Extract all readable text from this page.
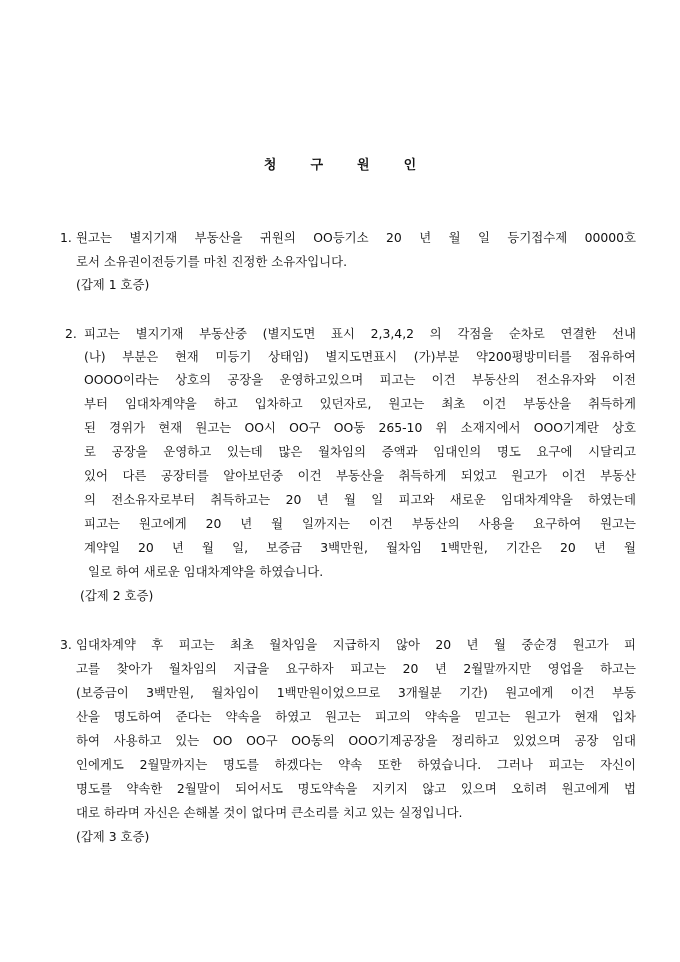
청	구	원	인
1. 원고는 별지기재 부동산을 귀원의 OO등기소 20 년 월 일 등기접수제 00000호
로서 소유권이전등기를 마친 진정한 소유자입니다.
(갑제 1 호증)
2. 피고는 별지기재 부동산중 (별지도면 표시 2,3,4,2 의 각점을 순차로 연결한 선내
(나) 부분은 현재 미등기 상태임) 별지도면표시 (가)부분 약200평방미터를 점유하여
OOOO이라는 상호의 공장을 운영하고있으며 피고는 이건 부동산의 전소유자와 이전
부터 임대차계약을 하고 입차하고 있던자로, 원고는 최초 이건 부동산을 취득하게
된 경위가 현재 원고는 OO시 OO구 OO동 265-10 위 소재지에서 OOO기계란 상호
로 공장을 운영하고 있는데 많은 월차임의 증액과 임대인의 명도 요구에 시달리고
있어 다른 공장터를 알아보던중 이건 부동산을 취득하게 되었고 원고가 이건 부동산
의 전소유자로부터 취득하고는 20 년 월 일 피고와 새로운 임대차계약을 하였는데
피고는 원고에게 20 년 월 일까지는 이건 부동산의 사용을 요구하여 원고는
계약일 20 년 월 일, 보증금 3백만원, 월차임 1백만원, 기간은 20 년 월
일로 하여 새로운 임대차계약을 하였습니다.
(갑제 2 호증)
3. 임대차계약 후 피고는 최초 월차임을 지급하지 않아 20 년 월 중순경 원고가 피
고를 찾아가 월차임의 지급을 요구하자 피고는 20 년 2월말까지만 영업을 하고는
(보증금이 3백만원, 월차임이 1백만원이었으므로 3개월분 기간) 원고에게 이건 부동
산을 명도하여 준다는 약속을 하였고 원고는 피고의 약속을 믿고는 원고가 현재 입차
하여 사용하고 있는 OO OO구 OO동의 OOO기계공장을 정리하고 있었으며 공장 임대
인에게도 2월말까지는 명도를 하겠다는 약속 또한 하였습니다. 그러나 피고는 자신이
명도를 약속한 2월말이 되어서도 명도약속을 지키지 않고 있으며 오히려 원고에게 법
대로 하라며 자신은 손해볼 것이 없다며 큰소리를 치고 있는 실정입니다.
(갑제 3 호증)
